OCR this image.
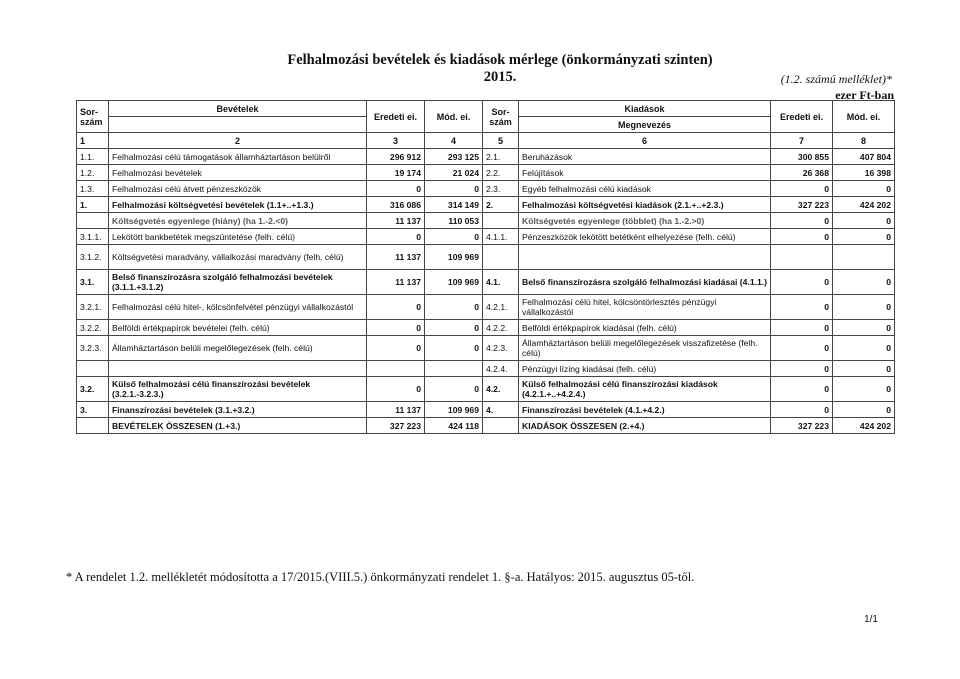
Felhalmozási bevételek és kiadások mérlege (önkormányzati szinten)
2015.	(1.2. számú melléklet)*
ezer Ft-ban
Sor-szám	Bevételek	Eredeti ei.	Mód. ei.	Sor-szám	Kiadások	Eredeti ei.	Mód. ei.
					Megnevezés		
1	2	3	4	5	6	7	8
1.1.	Felhalmozási célú támogatások államháztartáson belülről	296 912	293 125	2.1.	Beruházások	300 855	407 804
1.2.	Felhalmozási bevételek	19 174	21 024	2.2.	Felújítások	26 368	16 398
1.3.	Felhalmozási célú átvett pénzeszközök	0	0	2.3.	Egyéb felhalmozási célú kiadások	0	0
1.	Felhalmozási költségvetési bevételek (1.1+..+1.3.)	316 086	314 149	2.	Felhalmozási költségvetési kiadások (2.1.+..+2.3.)	327 223	424 202
	Költségvetés egyenlege (hiány) (ha 1.-2.<0)	11 137	110 053		Költségvetés egyenlege (többlet) (ha 1.-2.>0)	0	0
3.1.1.	Lekötött bankbetétek megszüntetése (felh. célú)	0	0	4.1.1.	Pénzeszközök lekötött betétként elhelyezése (felh. célú)	0	0
3.1.2.	Költségvetési maradvány, vállalkozási maradvány (felh. célú)	11 137	109 969				
3.1.	Belső finanszírozásra szolgáló felhalmozási bevételek (3.1.1.+3.1.2)	11 137	109 969	4.1.	Belső finanszírozásra szolgáló felhalmozási kiadásai (4.1.1.)	0	0
3.2.1.	Felhalmozási célú hitel-, kölcsönfelvétel pénzügyi vállalkozástól	0	0	4.2.1.	Felhalmozási célú hitel, kölcsöntörlesztés pénzügyi vállalkozástól	0	0
3.2.2.	Belföldi értékpapírok bevételei (felh. célú)	0	0	4.2.2.	Belföldi értékpapírok kiadásai (felh. célú)	0	0
3.2.3.	Államháztartáson belüli megelőlegezések (felh. célú)	0	0	4.2.3.	Államháztartáson belüli megelőlegezések visszafizetése (felh. célú)	0	0
				4.2.4.	Pénzügyi lízing kiadásai (felh. célú)	0	0
3.2.	Külső felhalmozási célú finanszírozási bevételek (3.2.1.-3.2.3.)	0	0	4.2.	Külső felhalmozási célú finanszírozási kiadások (4.2.1.+..+4.2.4.)	0	0
3.	Finanszírozási bevételek (3.1.+3.2.)	11 137	109 969	4.	Finanszírozási bevételek (4.1.+4.2.)	0	0
	BEVÉTELEK ÖSSZESEN (1.+3.)	327 223	424 118		KIADÁSOK ÖSSZESEN (2.+4.)	327 223	424 202
* A rendelet 1.2. mellékletét módosította a 17/2015.(VIII.5.) önkormányzati rendelet 1. §-a. Hatályos: 2015. augusztus 05-től.
1/1
